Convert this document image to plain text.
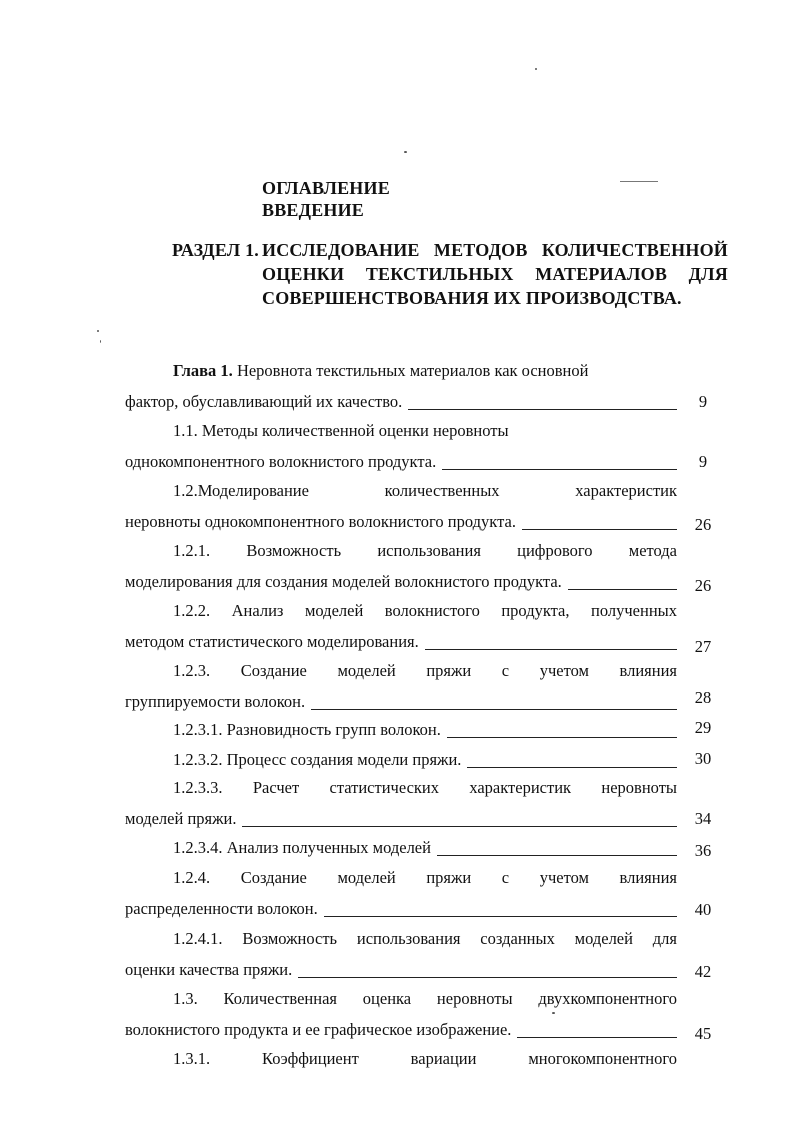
ОГЛАВЛЕНИЕ
ВВЕДЕНИЕ
РАЗДЕЛ 1. ИССЛЕДОВАНИЕ МЕТОДОВ КОЛИЧЕСТВЕННОЙ
ОЦЕНКИ ТЕКСТИЛЬНЫХ МАТЕРИАЛОВ ДЛЯ
СОВЕРШЕНСТВОВАНИЯ ИХ ПРОИЗВОДСТВА.
Глава 1. Неровнота текстильных материалов как основной
фактор, обуславливающий их качество.	9
1.1. Методы количественной оценки неровноты
однокомпонентного волокнистого продукта.	9
1.2.Моделирование количественных характеристик
неровноты однокомпонентного волокнистого продукта.	26
1.2.1. Возможность использования цифрового метода
моделирования для создания моделей волокнистого продукта.	26
1.2.2. Анализ моделей волокнистого продукта, полученных
методом статистического моделирования.	27
1.2.3. Создание моделей пряжи с учетом влияния
группируемости волокон.	28
1.2.3.1. Разновидность групп волокон.	29
1.2.3.2. Процесс создания модели пряжи.	30
1.2.3.3. Расчет статистических характеристик неровноты
моделей пряжи.	34
1.2.3.4. Анализ полученных моделей	36
1.2.4. Создание моделей пряжи с учетом влияния
распределенности волокон.	40
1.2.4.1. Возможность использования созданных моделей для
оценки качества пряжи.	42
1.3. Количественная оценка неровноты двухкомпонентного
волокнистого продукта и ее графическое изображение.	45
1.3.1. Коэффициент вариации многокомпонентного
